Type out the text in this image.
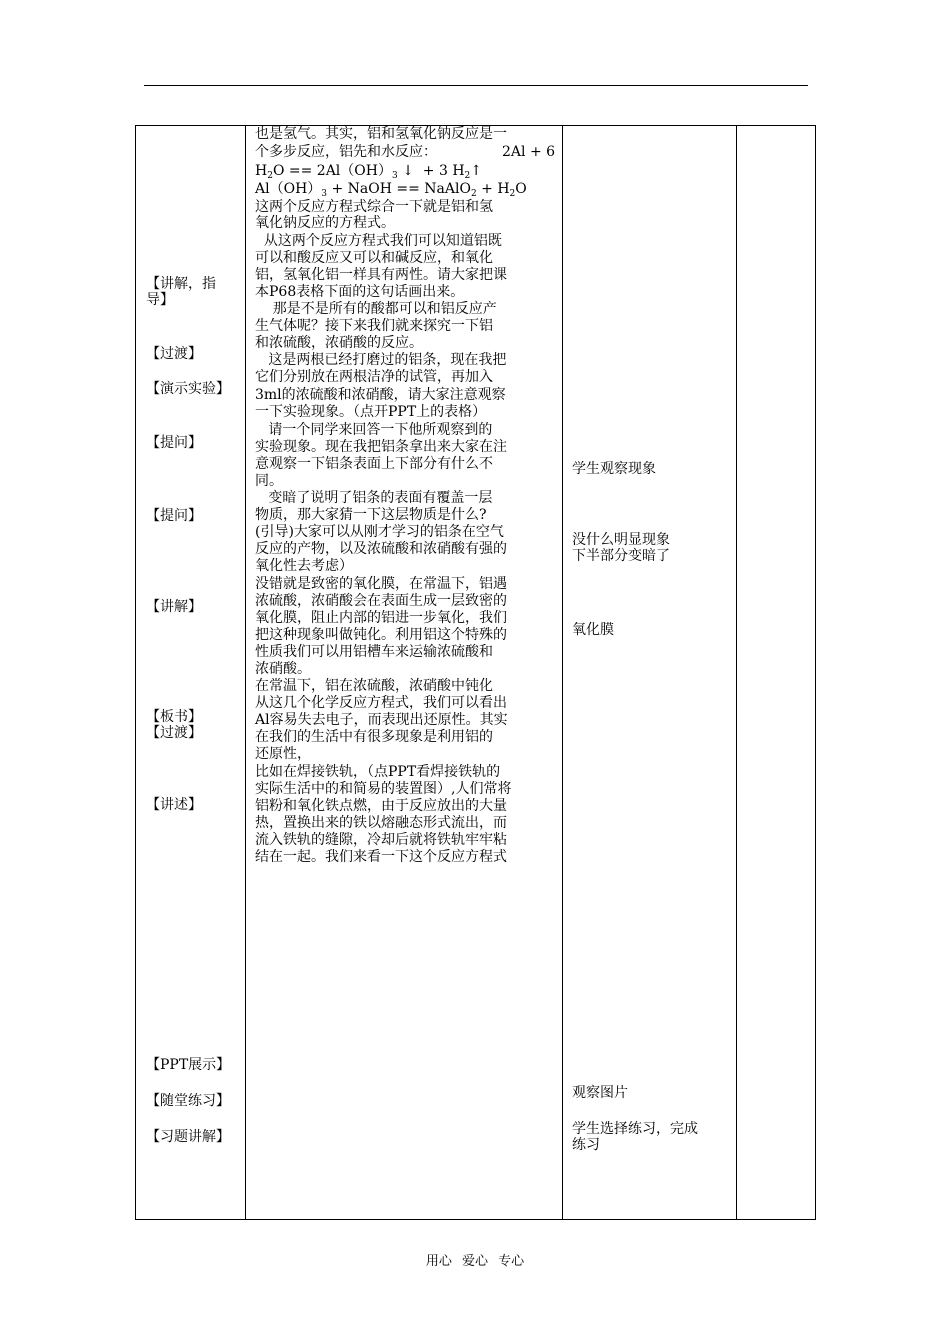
【讲解，指
导】
【过渡】
【演示实验】
【提问】
【提问】
【讲解】
【板书】
【过渡】
【讲述】
【PPT展示】
【随堂练习】
【习题讲解】
也是氢气。其实，铝和氢氧化钠反应是一
个多步反应，铝先和水反应：	2Al + 6
$H_2O == 2Al(OH)_3$ ↓  + 3 $H_2↑$
$Al(OH)_3$ + NaOH == NaAlO$_2$ + $H_2O$
这两个反应方程式综合一下就是铝和氢
氧化钠反应的方程式。
从这两个反应方程式我们可以知道铝既
可以和酸反应又可以和碱反应，和氧化
铝，氢氧化铝一样具有两性。请大家把课
本P68表格下面的这句话画出来。
那是不是所有的酸都可以和铝反应产
生气体呢？接下来我们就来探究一下铝
和浓硫酸，浓硝酸的反应。
这是两根已经打磨过的铝条，现在我把
它们分别放在两根洁净的试管，再加入
3ml的浓硫酸和浓硝酸，请大家注意观察
一下实验现象。（点开PPT上的表格）
请一个同学来回答一下他所观察到的
实验现象。现在我把铝条拿出来大家在注
意观察一下铝条表面上下部分有什么不
同。
变暗了说明了铝条的表面有覆盖一层
物质，那大家猜一下这层物质是什么?
(引导)大家可以从刚才学习的铝条在空气
反应的产物，以及浓硫酸和浓硝酸有强的
氧化性去考虑）
没错就是致密的氧化膜，在常温下，铝遇
浓硫酸，浓硝酸会在表面生成一层致密的
氧化膜，阻止内部的铝进一步氧化，我们
把这种现象叫做钝化。利用铝这个特殊的
性质我们可以用铝槽车来运输浓硫酸和
浓硝酸。
在常温下，铝在浓硫酸，浓硝酸中钝化
从这几个化学反应方程式，我们可以看出
Al容易失去电子，而表现出还原性。其实
在我们的生活中有很多现象是利用铝的
还原性，
比如在焊接铁轨，（点PPT看焊接铁轨的
实际生活中的和简易的装置图）,人们常将
铝粉和氧化铁点燃，由于反应放出的大量
热，置换出来的铁以熔融态形式流出，而
流入铁轨的缝隙，冷却后就将铁轨牢牢粘
结在一起。我们来看一下这个反应方程式
学生观察现象
没什么明显现象
下半部分变暗了
氧化膜
观察图片
学生选择练习，完成
练习
用心 爱心 专心
